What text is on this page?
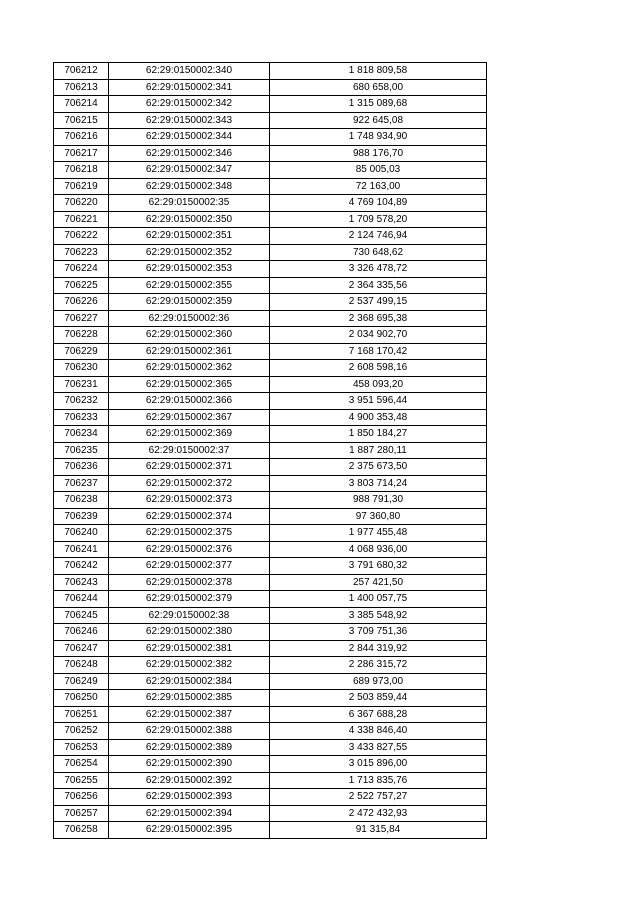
706212	62:29:0150002:340	1 818 809,58
706213	62:29:0150002:341	680 658,00
706214	62:29:0150002:342	1 315 089,68
706215	62:29:0150002:343	922 645,08
706216	62:29:0150002:344	1 748 934,90
706217	62:29:0150002:346	988 176,70
706218	62:29:0150002:347	85 005,03
706219	62:29:0150002:348	72 163,00
706220	62:29:0150002:35	4 769 104,89
706221	62:29:0150002:350	1 709 578,20
706222	62:29:0150002:351	2 124 746,94
706223	62:29:0150002:352	730 648,62
706224	62:29:0150002:353	3 326 478,72
706225	62:29:0150002:355	2 364 335,56
706226	62:29:0150002:359	2 537 499,15
706227	62:29:0150002:36	2 368 695,38
706228	62:29:0150002:360	2 034 902,70
706229	62:29:0150002:361	7 168 170,42
706230	62:29:0150002:362	2 608 598,16
706231	62:29:0150002:365	458 093,20
706232	62:29:0150002:366	3 951 596,44
706233	62:29:0150002:367	4 900 353,48
706234	62:29:0150002:369	1 850 184,27
706235	62:29:0150002:37	1 887 280,11
706236	62:29:0150002:371	2 375 673,50
706237	62:29:0150002:372	3 803 714,24
706238	62:29:0150002:373	988 791,30
706239	62:29:0150002:374	97 360,80
706240	62:29:0150002:375	1 977 455,48
706241	62:29:0150002:376	4 068 936,00
706242	62:29:0150002:377	3 791 680,32
706243	62:29:0150002:378	257 421,50
706244	62:29:0150002:379	1 400 057,75
706245	62:29:0150002:38	3 385 548,92
706246	62:29:0150002:380	3 709 751,36
706247	62:29:0150002:381	2 844 319,92
706248	62:29:0150002:382	2 286 315,72
706249	62:29:0150002:384	689 973,00
706250	62:29:0150002:385	2 503 859,44
706251	62:29:0150002:387	6 367 688,28
706252	62:29:0150002:388	4 338 846,40
706253	62:29:0150002:389	3 433 827,55
706254	62:29:0150002:390	3 015 896,00
706255	62:29:0150002:392	1 713 835,76
706256	62:29:0150002:393	2 522 757,27
706257	62:29:0150002:394	2 472 432,93
706258	62:29:0150002:395	91 315,84
